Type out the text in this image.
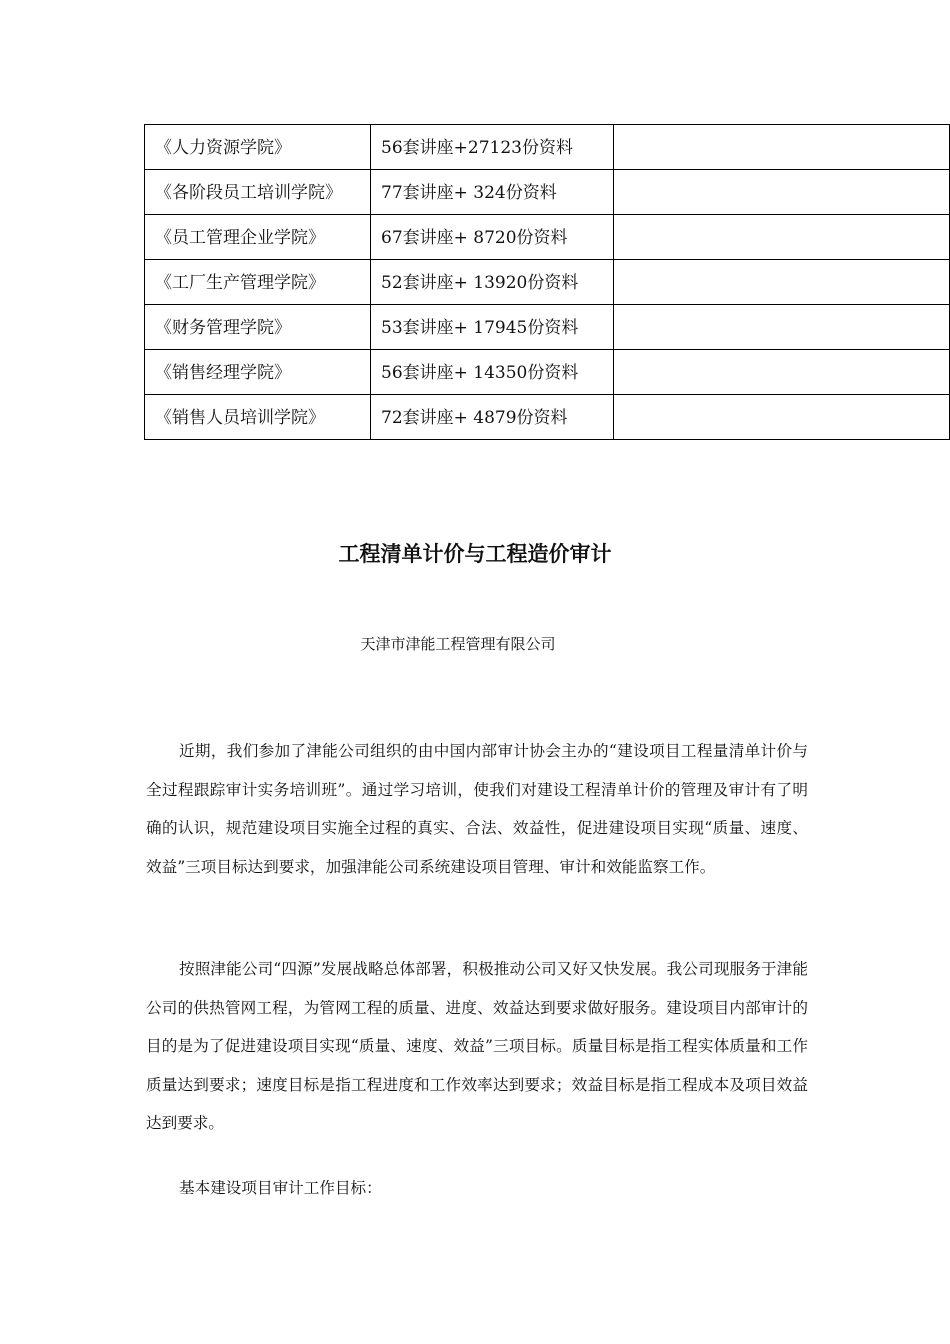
《人力资源学院》	56套讲座+27123份资料	
《各阶段员工培训学院》	77套讲座+ 324份资料	
《员工管理企业学院》	67套讲座+ 8720份资料	
《工厂生产管理学院》	52套讲座+ 13920份资料	
《财务管理学院》	53套讲座+ 17945份资料	
《销售经理学院》	56套讲座+ 14350份资料	
《销售人员培训学院》	72套讲座+ 4879份资料	
工程清单计价与工程造价审计
天津市津能工程管理有限公司

近期，我们参加了津能公司组织的由中国内部审计协会主办的“建设项目工程量清单计价与全过程跟踪审计实务培训班”。通过学习培训，使我们对建设工程清单计价的管理及审计有了明确的认识，规范建设项目实施全过程的真实、合法、效益性，促进建设项目实现“质量、速度、效益”三项目标达到要求，加强津能公司系统建设项目管理、审计和效能监察工作。

按照津能公司“四源”发展战略总体部署，积极推动公司又好又快发展。我公司现服务于津能公司的供热管网工程，为管网工程的质量、进度、效益达到要求做好服务。建设项目内部审计的目的是为了促进建设项目实现“质量、速度、效益”三项目标。质量目标是指工程实体质量和工作质量达到要求；速度目标是指工程进度和工作效率达到要求；效益目标是指工程成本及项目效益达到要求。

基本建设项目审计工作目标：
